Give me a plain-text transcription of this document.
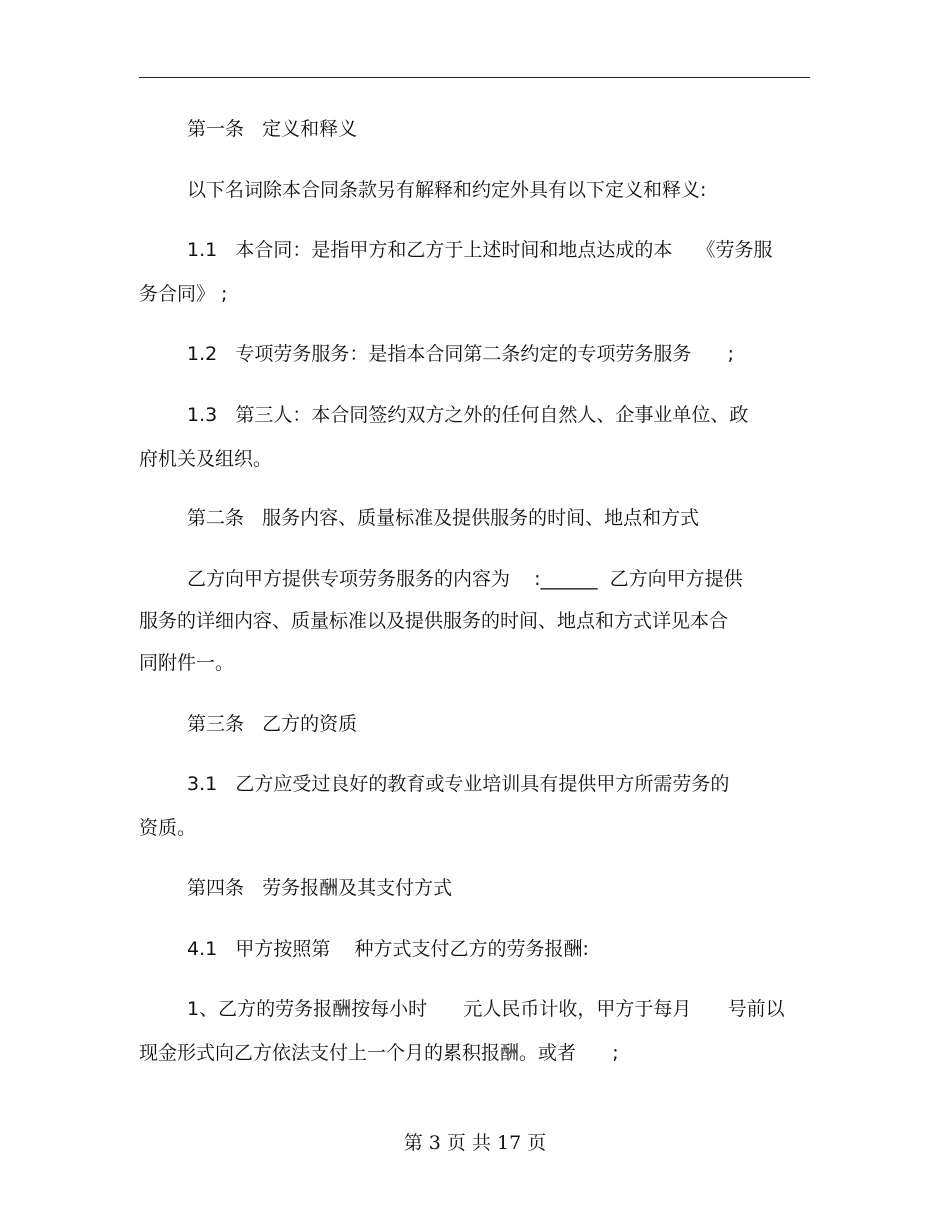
第一条   定义和释义
以下名词除本合同条款另有解释和约定外具有以下定义和释义:
1.1   本合同：是指甲方和乙方于上述时间和地点达成的本    《劳务服
务合同》 ;
1.2   专项劳务服务：是指本合同第二条约定的专项劳务服务      ;
1.3   第三人：本合同签约双方之外的任何自然人、企事业单位、政
府机关及组织。
第二条   服务内容、质量标准及提供服务的时间、地点和方式
乙方向甲方提供专项劳务服务的内容为    :______  乙方向甲方提供
服务的详细内容、质量标准以及提供服务的时间、地点和方式详见本合
同附件一。
第三条   乙方的资质
3.1   乙方应受过良好的教育或专业培训具有提供甲方所需劳务的
资质。
第四条   劳务报酬及其支付方式
4.1   甲方按照第    种方式支付乙方的劳务报酬:
1、乙方的劳务报酬按每小时      元人民币计收，甲方于每月      号前以
现金形式向乙方依法支付上一个月的累积报酬。或者      ;
第 3 页 共 17 页
